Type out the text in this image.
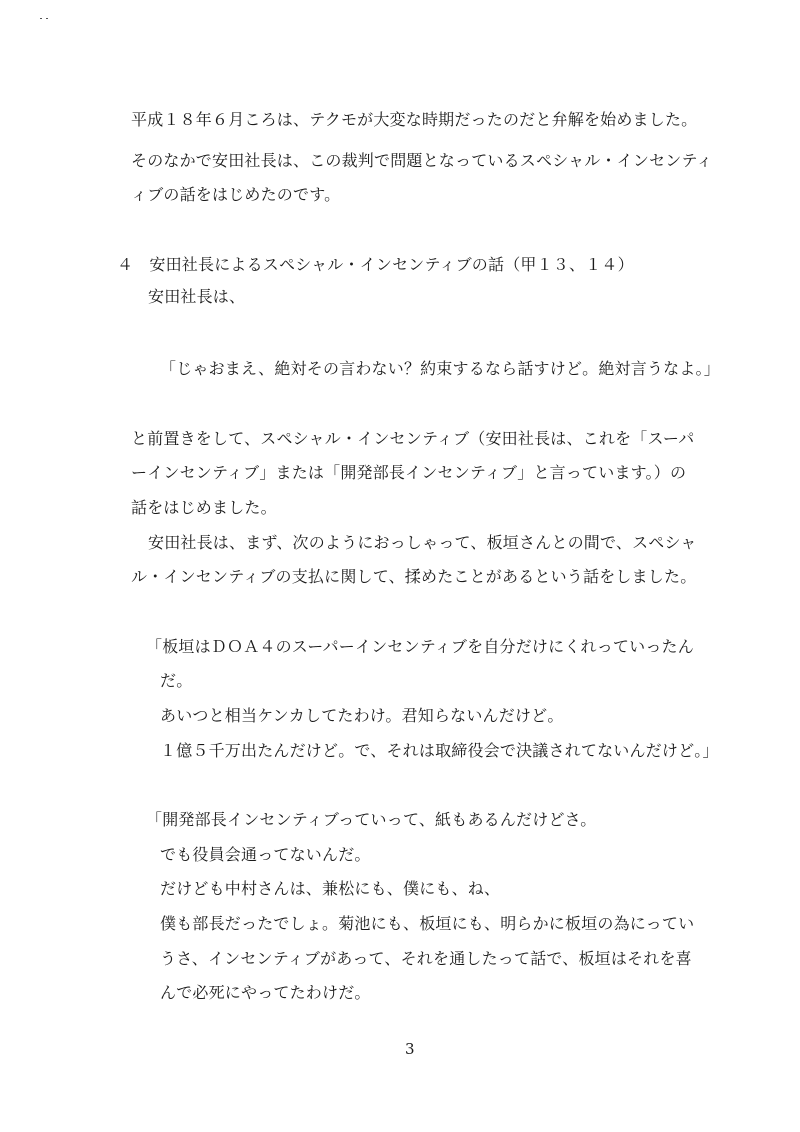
平成１８年６月ころは、テクモが大変な時期だったのだと弁解を始めました。
そのなかで安田社長は、この裁判で問題となっているスペシャル・インセンティ
ィブの話をはじめたのです。
４　安田社長によるスペシャル・インセンティブの話（甲１３、１４）
安田社長は、
「じゃおまえ、絶対その言わない？約束するなら話すけど。絶対言うなよ。」
と前置きをして、スペシャル・インセンティブ（安田社長は、これを「スーパ
ーインセンティブ」または「開発部長インセンティブ」と言っています。）の
話をはじめました。
安田社長は、まず、次のようにおっしゃって、板垣さんとの間で、スペシャ
ル・インセンティブの支払に関して、揉めたことがあるという話をしました。
「板垣はＤＯＡ４のスーパーインセンティブを自分だけにくれっていったん
だ。
あいつと相当ケンカしてたわけ。君知らないんだけど。
１億５千万出たんだけど。で、それは取締役会で決議されてないんだけど。」
「開発部長インセンティブっていって、紙もあるんだけどさ。
でも役員会通ってないんだ。
だけども中村さんは、兼松にも、僕にも、ね、
僕も部長だったでしょ。菊池にも、板垣にも、明らかに板垣の為にってい
うさ、インセンティブがあって、それを通したって話で、板垣はそれを喜
んで必死にやってたわけだ。
3
